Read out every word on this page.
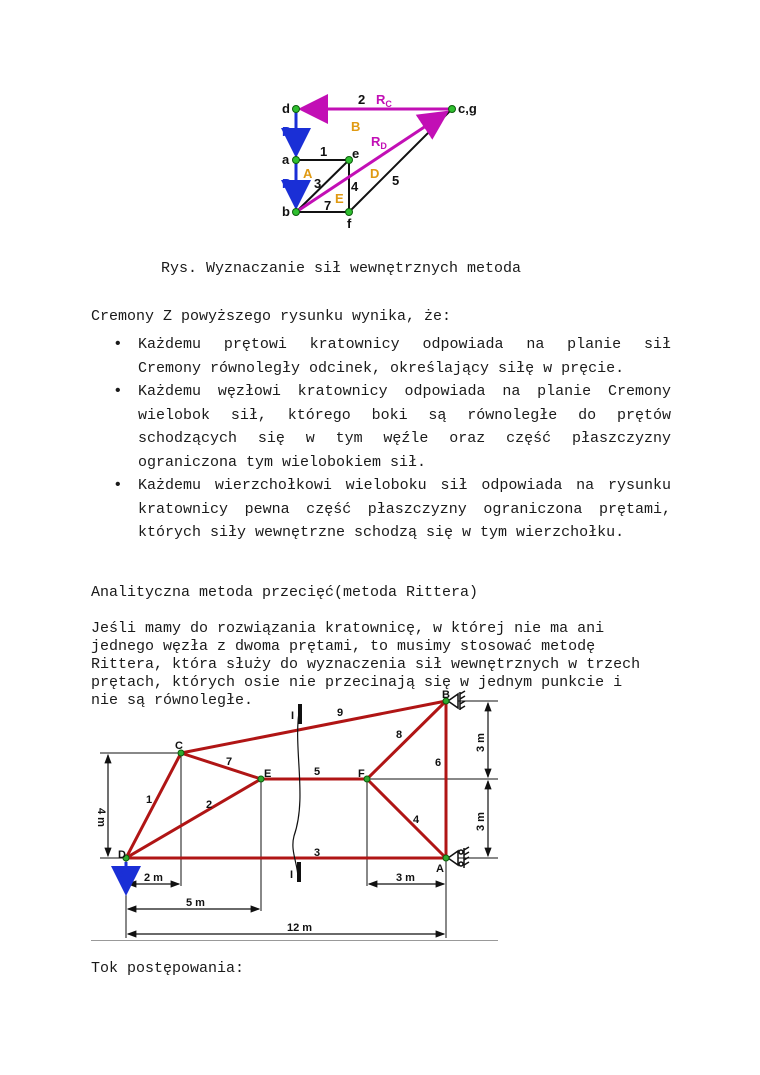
d	c,g
a
b
e
f
2
1
3 4	5
7
P
P
$R_C$
$R_D$
B
A	D
E
Rys. Wyznaczanie sił wewnętrznych metoda
Cremony Z powyższego rysunku wynika, że:
• Każdemu prętowi kratownicy odpowiada na planie sił
Cremony równoległy odcinek, określający siłę w pręcie.
• Każdemu węzłowi kratownicy odpowiada na planie Cremony wielobok sił, którego boki są równoległe do prętów schodzących się w tym węźle oraz część płaszczyzny
ograniczona tym wielobokiem sił.
• Każdemu wierzchołkowi wieloboku sił odpowiada na rysunku kratownicy pewna część płaszczyzny ograniczona prętami,
których siły wewnętrzne schodzą się w tym wierzchołku.

Analityczna metoda przecięć(metoda Rittera)

Jeśli mamy do rozwiązania kratownicę, w której nie ma ani
jednego węzła z dwoma prętami, to musimy stosować metodę
Rittera, która służy do wyznaczenia sił wewnętrznych w trzech
prętach, których osie nie przecinają się w jednym punkcie i
nie są równoległe.

C
D
E	F
B
A
1	2
3
4
5
6
7
8
9
I
I
2 m
5 m
12 m
3 m
4 m
3 m
3 m
P
Tok postępowania:
